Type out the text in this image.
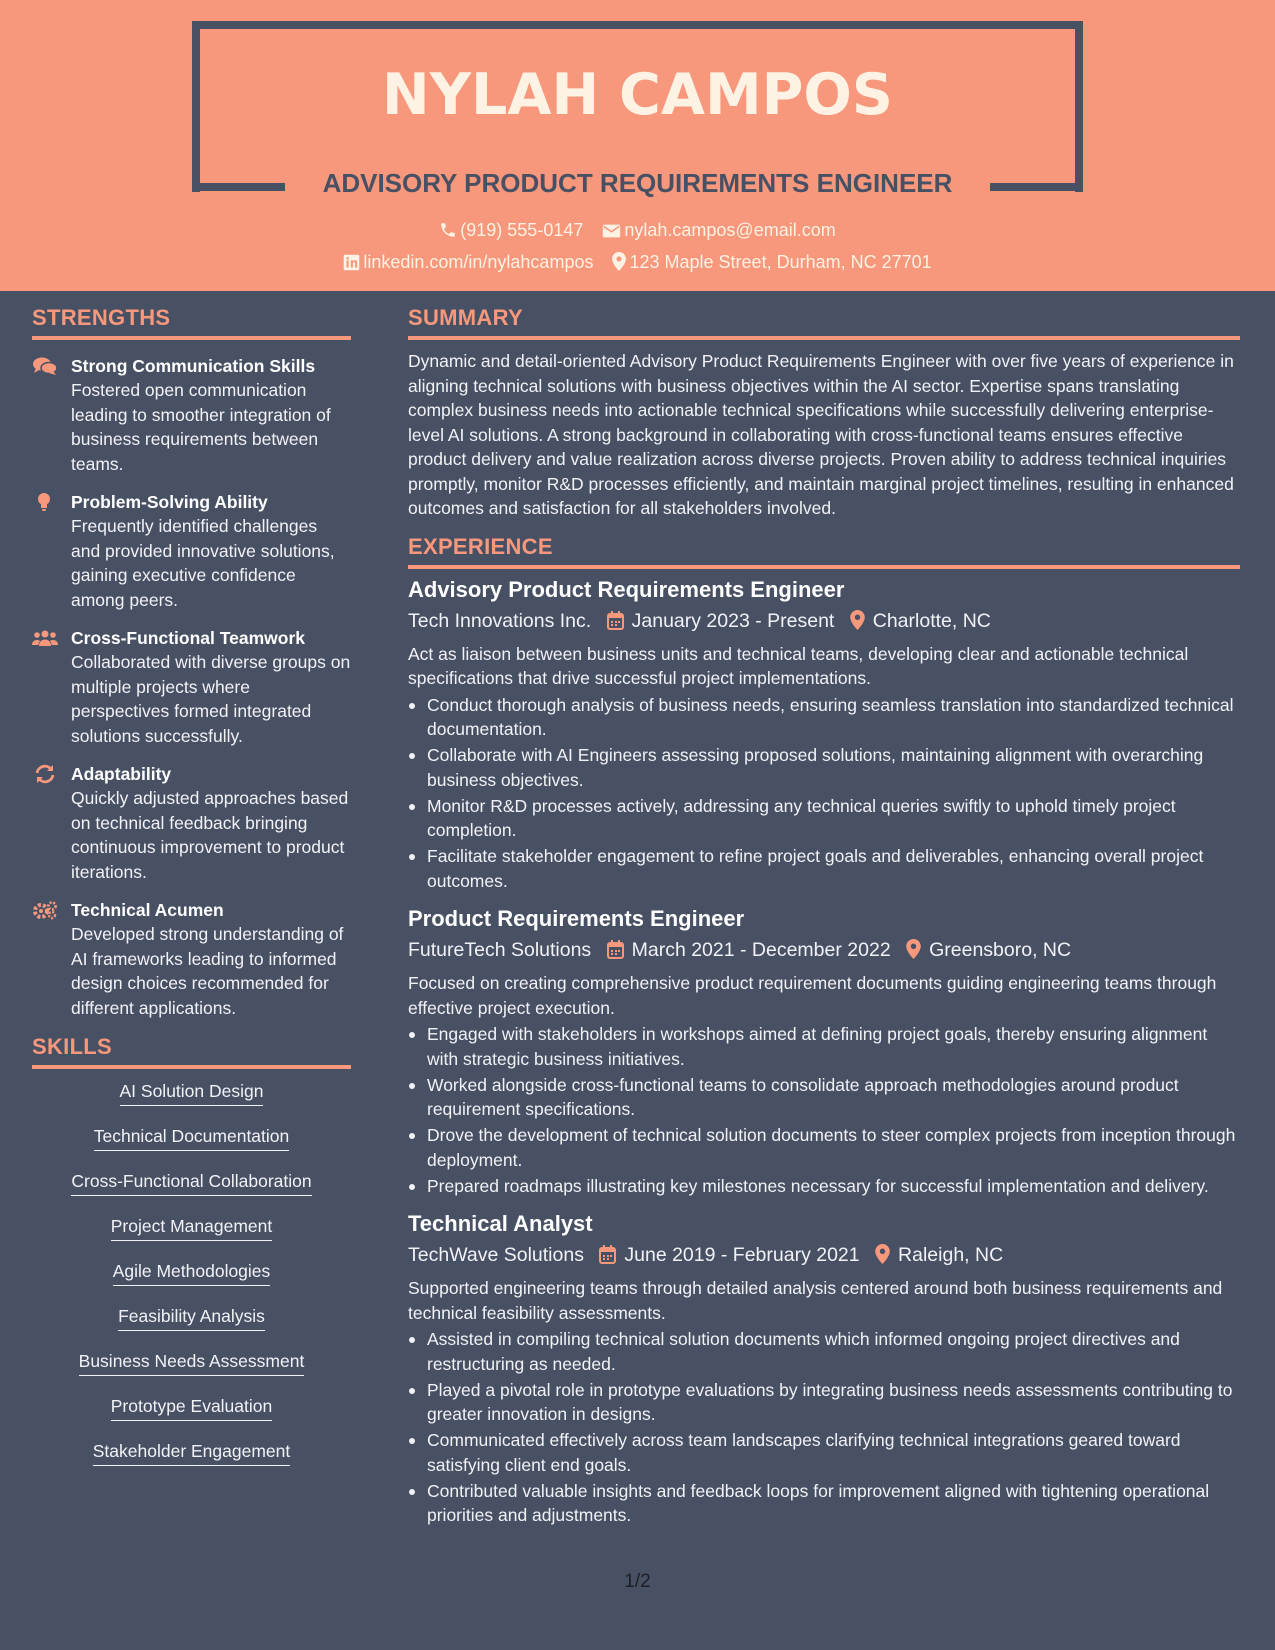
NYLAH CAMPOS
ADVISORY PRODUCT REQUIREMENTS ENGINEER
(919) 555-0147 nylah.campos@email.com
linkedin.com/in/nylahcampos 123 Maple Street, Durham, NC 27701
STRENGTHS
Strong Communication Skills
Fostered open communication leading to smoother integration of business requirements between teams.
Problem-Solving Ability
Frequently identified challenges and provided innovative solutions, gaining executive confidence among peers.
Cross-Functional Teamwork
Collaborated with diverse groups on multiple projects where perspectives formed integrated solutions successfully.
Adaptability
Quickly adjusted approaches based on technical feedback bringing continuous improvement to product iterations.
Technical Acumen
Developed strong understanding of AI frameworks leading to informed design choices recommended for different applications.
SKILLS
AI Solution Design
Technical Documentation
Cross-Functional Collaboration
Project Management
Agile Methodologies
Feasibility Analysis
Business Needs Assessment
Prototype Evaluation
Stakeholder Engagement
SUMMARY
Dynamic and detail-oriented Advisory Product Requirements Engineer with over five years of experience in aligning technical solutions with business objectives within the AI sector. Expertise spans translating complex business needs into actionable technical specifications while successfully delivering enterprise-level AI solutions. A strong background in collaborating with cross-functional teams ensures effective product delivery and value realization across diverse projects. Proven ability to address technical inquiries promptly, monitor R&D processes efficiently, and maintain marginal project timelines, resulting in enhanced outcomes and satisfaction for all stakeholders involved.
EXPERIENCE
Advisory Product Requirements Engineer
Tech Innovations Inc. January 2023 - Present Charlotte, NC
Act as liaison between business units and technical teams, developing clear and actionable technical specifications that drive successful project implementations.
Conduct thorough analysis of business needs, ensuring seamless translation into standardized technical documentation.
Collaborate with AI Engineers assessing proposed solutions, maintaining alignment with overarching business objectives.
Monitor R&D processes actively, addressing any technical queries swiftly to uphold timely project completion.
Facilitate stakeholder engagement to refine project goals and deliverables, enhancing overall project outcomes.
Product Requirements Engineer
FutureTech Solutions March 2021 - December 2022 Greensboro, NC
Focused on creating comprehensive product requirement documents guiding engineering teams through effective project execution.
Engaged with stakeholders in workshops aimed at defining project goals, thereby ensuring alignment with strategic business initiatives.
Worked alongside cross-functional teams to consolidate approach methodologies around product requirement specifications.
Drove the development of technical solution documents to steer complex projects from inception through deployment.
Prepared roadmaps illustrating key milestones necessary for successful implementation and delivery.
Technical Analyst
TechWave Solutions June 2019 - February 2021 Raleigh, NC
Supported engineering teams through detailed analysis centered around both business requirements and technical feasibility assessments.
Assisted in compiling technical solution documents which informed ongoing project directives and restructuring as needed.
Played a pivotal role in prototype evaluations by integrating business needs assessments contributing to greater innovation in designs.
Communicated effectively across team landscapes clarifying technical integrations geared toward satisfying client end goals.
Contributed valuable insights and feedback loops for improvement aligned with tightening operational priorities and adjustments.
1/2
